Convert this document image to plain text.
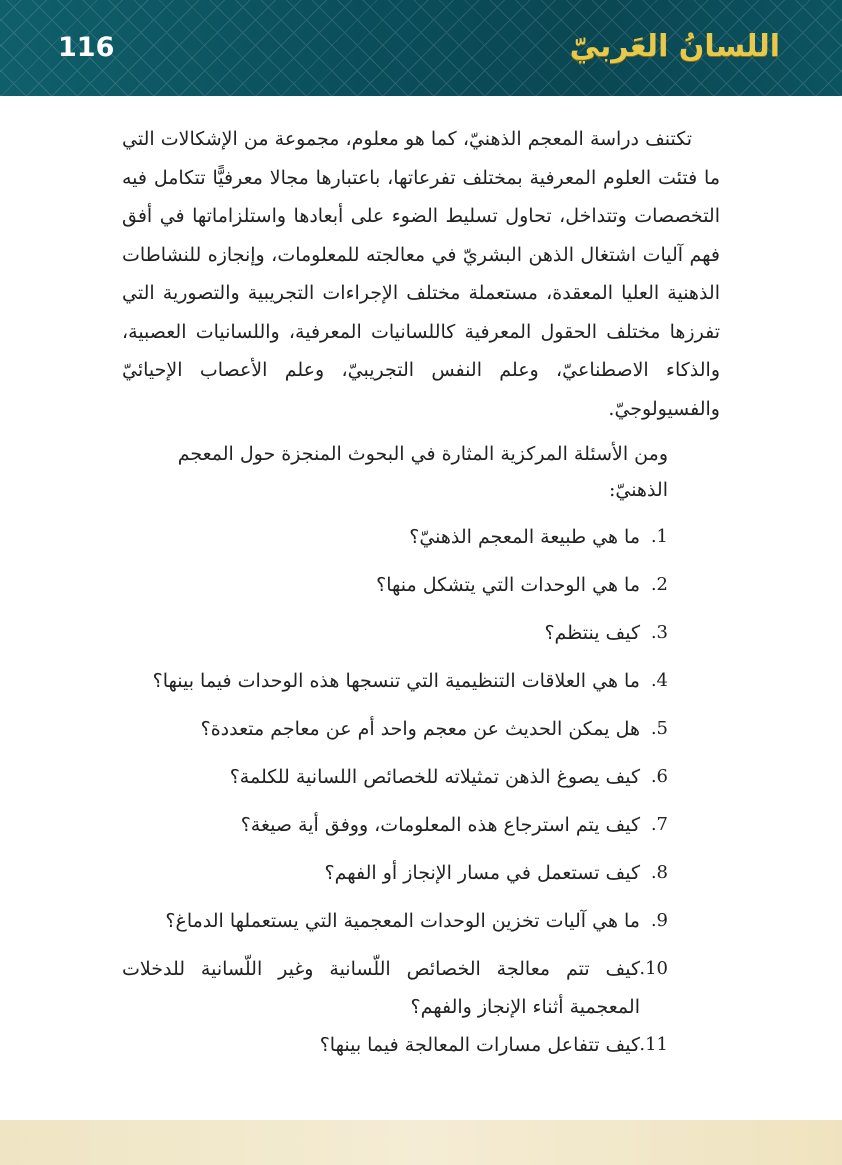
116	اللسانُ العَربيّ

تكتنف دراسة المعجم الذهنيّ، كما هو معلوم، مجموعة من الإشكالات التي ما فتئت العلوم المعرفية بمختلف تفرعاتها، باعتبارها مجالا معرفيًّا تتكامل فيه التخصصات وتتداخل، تحاول تسليط الضوء على أبعادها واستلزاماتها في أفق فهم آليات اشتغال الذهن البشريّ في معالجته للمعلومات، وإنجازه للنشاطات الذهنية العليا المعقدة، مستعملة مختلف الإجراءات التجريبية والتصورية التي تفرزها مختلف الحقول المعرفية كاللسانيات المعرفية، واللسانيات العصبية، والذكاء الاصطناعيّ، وعلم النفس التجريبيّ، وعلم الأعصاب الإحيائيّ والفسيولوجيّ.

ومن الأسئلة المركزية المثارة في البحوث المنجزة حول المعجم الذهنيّ:

1.
ما هي طبيعة المعجم الذهنيّ؟
2.
ما هي الوحدات التي يتشكل منها؟
3.
كيف ينتظم؟
4.
ما هي العلاقات التنظيمية التي تنسجها هذه الوحدات فيما بينها؟
5.
هل يمكن الحديث عن معجم واحد أم عن معاجم متعددة؟
6.
كيف يصوغ الذهن تمثيلاته للخصائص اللسانية للكلمة؟
7.
كيف يتم استرجاع هذه المعلومات، ووفق أية صيغة؟
8.
كيف تستعمل في مسار الإنجاز أو الفهم؟
9.
ما هي آليات تخزين الوحدات المعجمية التي يستعملها الدماغ؟
10.
كيف تتم معالجة الخصائص اللّسانية وغير اللّسانية للدخلات المعجمية أثناء الإنجاز والفهم؟
11.
كيف تتفاعل مسارات المعالجة فيما بينها؟
